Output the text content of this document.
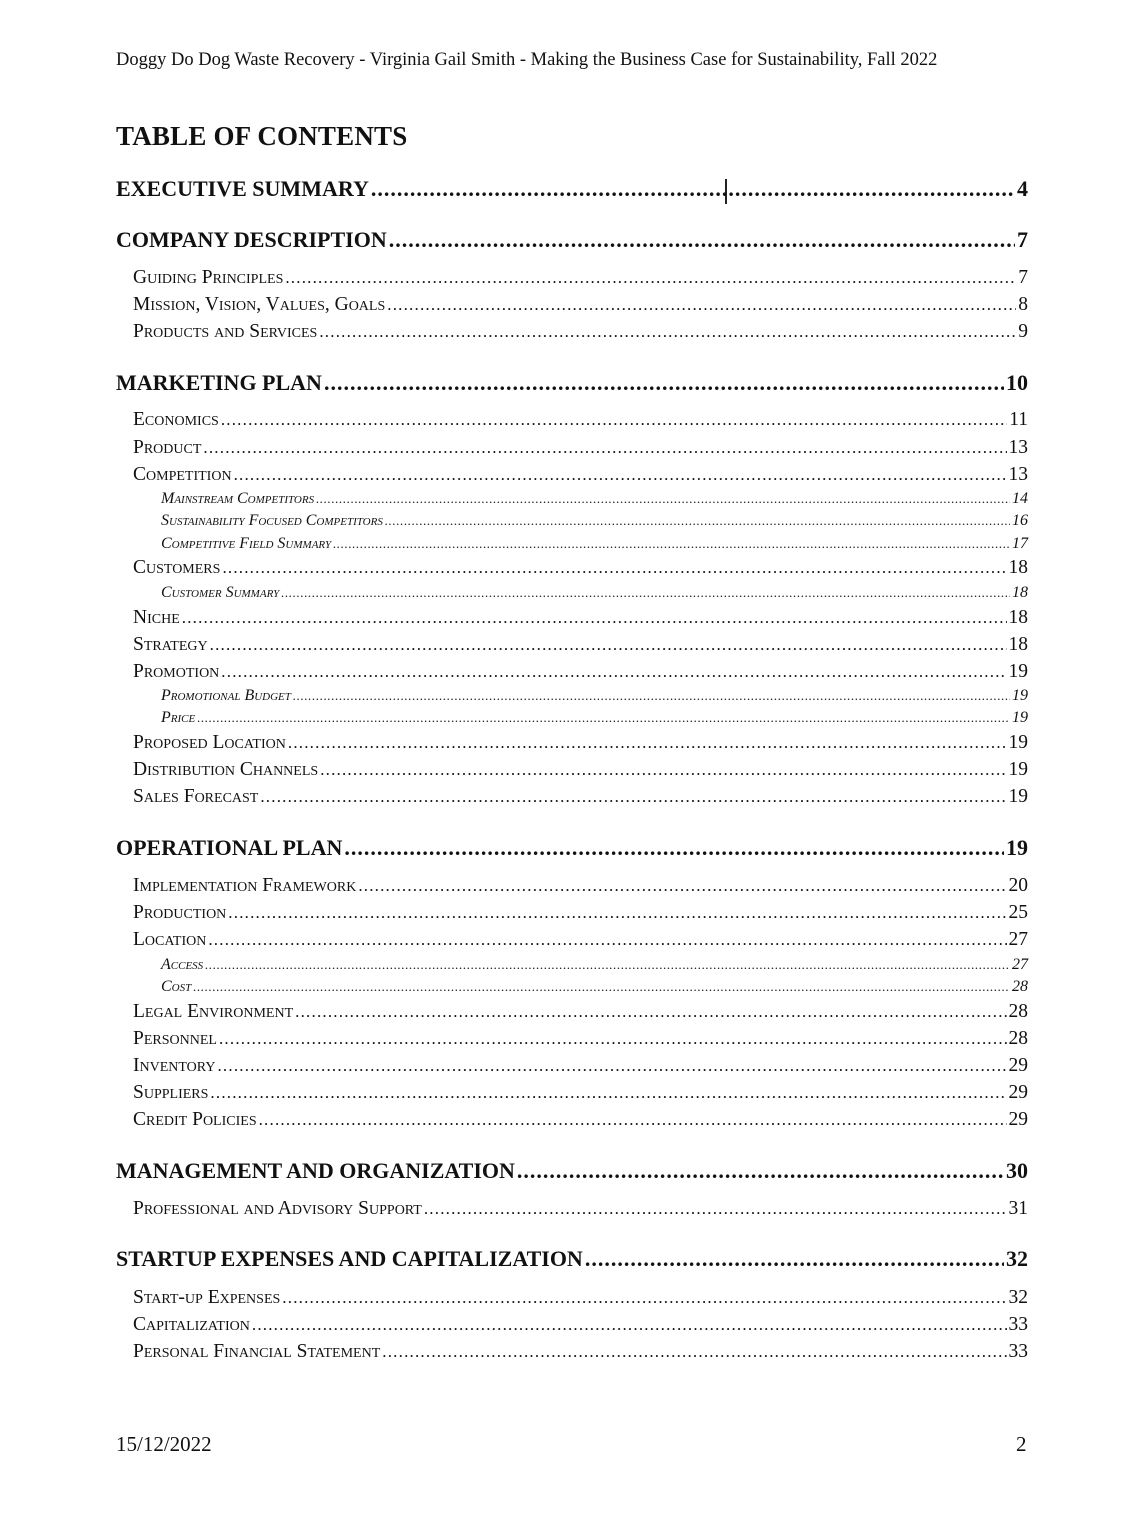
Doggy Do Dog Waste Recovery - Virginia Gail Smith - Making the Business Case for Sustainability, Fall 2022
TABLE OF CONTENTS
EXECUTIVE SUMMARY .....	4
COMPANY DESCRIPTION .....	7
Guiding Principles .....	7
Mission, Vision, Values, Goals .....	8
Products and Services .....	9
MARKETING PLAN .....	10
Economics .....	11
Product .....	13
Competition .....	13
Mainstream Competitors .....	14
Sustainability Focused Competitors .....	16
Competitive Field Summary .....	17
Customers .....	18
Customer Summary .....	18
Niche .....	18
Strategy .....	18
Promotion .....	19
Promotional Budget .....	19
Price .....	19
Proposed Location .....	19
Distribution Channels .....	19
Sales Forecast .....	19
OPERATIONAL PLAN .....	19
Implementation Framework .....	20
Production .....	25
Location .....	27
Access .....	27
Cost .....	28
Legal Environment .....	28
Personnel .....	28
Inventory .....	29
Suppliers .....	29
Credit Policies .....	29
MANAGEMENT AND ORGANIZATION .....	30
Professional and Advisory Support .....	31
STARTUP EXPENSES AND CAPITALIZATION .....	32
Start-up Expenses .....	32
Capitalization .....	33
Personal Financial Statement .....	33
15/12/2022	2
